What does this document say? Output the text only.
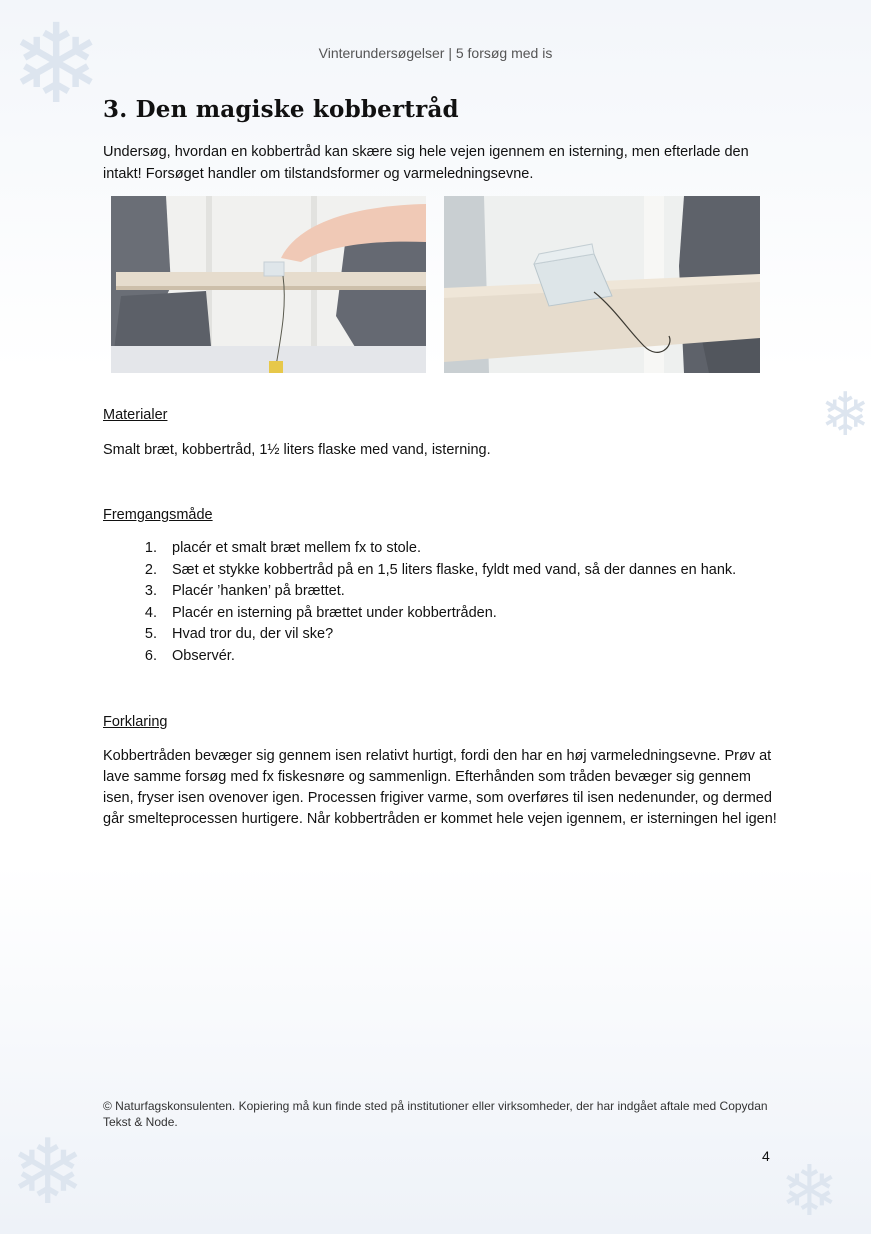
❄
❄
❄	❄
Vinterundersøgelser | 5 forsøg med is
3. Den magiske kobbertråd

Undersøg, hvordan en kobbertråd kan skære sig hele vejen igennem en isterning, men efterlade den intakt! Forsøget handler om tilstandsformer og varmeledningsevne.

Materialer

Smalt bræt, kobbertråd, 1½ liters flaske med vand, isterning.

Fremgangsmåde
1. placér et smalt bræt mellem fx to stole.
2. Sæt et stykke kobbertråd på en 1,5 liters flaske, fyldt med vand, så der dannes en hank.
3. Placér ’hanken’ på brættet.
4. Placér en isterning på brættet under kobbertråden.
5. Hvad tror du, der vil ske?
6. Observér.
Forklaring

Kobbertråden bevæger sig gennem isen relativt hurtigt, fordi den har en høj varmeledningsevne. Prøv at lave samme forsøg med fx fiskesnøre og sammenlign. Efterhånden som tråden bevæger sig gennem isen, fryser isen ovenover igen. Processen frigiver varme, som overføres til isen nedenunder, og dermed går smelteprocessen hurtigere. Når kobbertråden er kommet hele vejen igennem, er isterningen hel igen!

© Naturfagskonsulenten. Kopiering må kun finde sted på institutioner eller virksomheder, der har indgået aftale med Copydan Tekst & Node.

4
